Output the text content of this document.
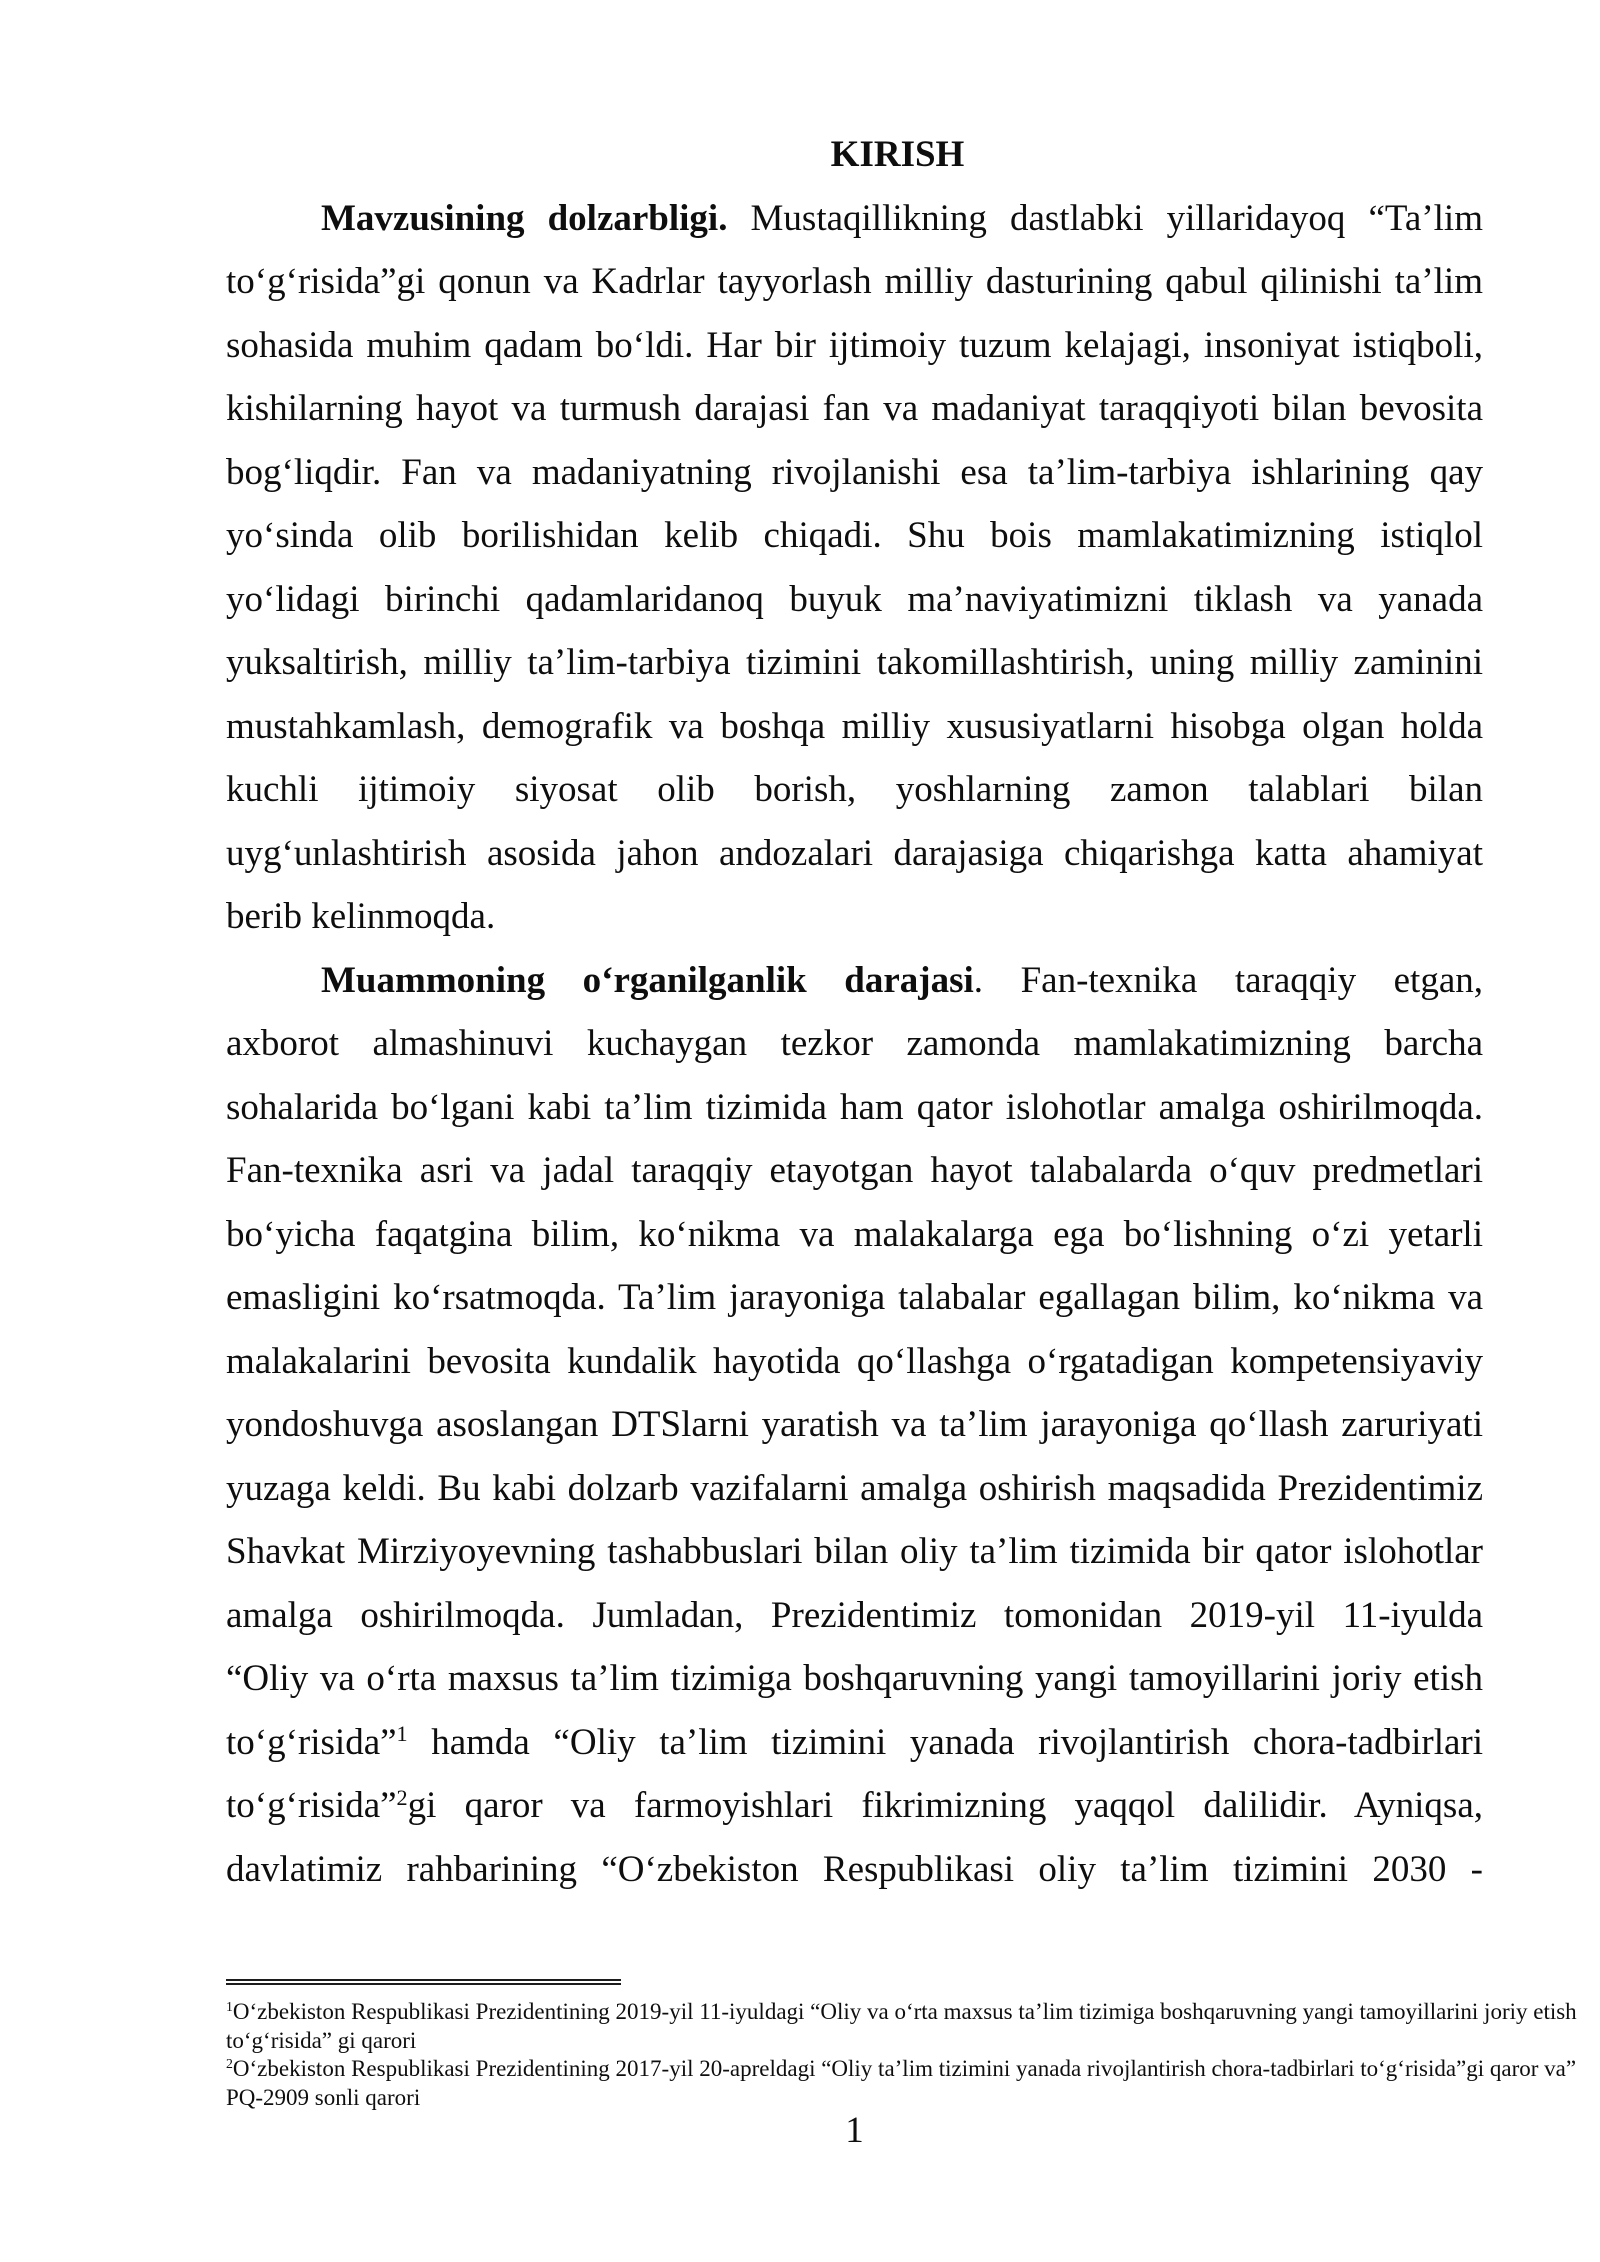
KIRISH
Mavzusining dolzarbligi. Mustaqillikning dastlabki yillaridayoq “Ta’lim
to‘g‘risida”gi qonun va Kadrlar tayyorlash milliy dasturining qabul qilinishi ta’lim
sohasida muhim qadam bo‘ldi. Har bir ijtimoiy tuzum kelajagi, insoniyat istiqboli,
kishilarning hayot va turmush darajasi fan va madaniyat taraqqiyoti bilan bevosita
bog‘liqdir. Fan va madaniyatning rivojlanishi esa ta’lim-tarbiya ishlarining qay
yo‘sinda olib borilishidan kelib chiqadi. Shu bois mamlakatimizning istiqlol
yo‘lidagi birinchi qadamlaridanoq buyuk ma’naviyatimizni tiklash va yanada
yuksaltirish, milliy ta’lim-tarbiya tizimini takomillashtirish, uning milliy zaminini
mustahkamlash, demografik va boshqa milliy xususiyatlarni hisobga olgan holda
kuchli ijtimoiy siyosat olib borish, yoshlarning zamon talablari bilan
uyg‘unlashtirish asosida jahon andozalari darajasiga chiqarishga katta ahamiyat
berib kelinmoqda.
Muammoning o‘rganilganlik darajasi. Fan-texnika taraqqiy etgan,
axborot almashinuvi kuchaygan tezkor zamonda mamlakatimizning barcha
sohalarida bo‘lgani kabi ta’lim tizimida ham qator islohotlar amalga oshirilmoqda.
Fan-texnika asri va jadal taraqqiy etayotgan hayot talabalarda o‘quv predmetlari
bo‘yicha faqatgina bilim, ko‘nikma va malakalarga ega bo‘lishning o‘zi yetarli
emasligini ko‘rsatmoqda. Ta’lim jarayoniga talabalar egallagan bilim, ko‘nikma va
malakalarini bevosita kundalik hayotida qo‘llashga o‘rgatadigan kompetensiyaviy
yondoshuvga asoslangan DTSlarni yaratish va ta’lim jarayoniga qo‘llash zaruriyati
yuzaga keldi. Bu kabi dolzarb vazifalarni amalga oshirish maqsadida Prezidentimiz
Shavkat Mirziyoyevning tashabbuslari bilan oliy ta’lim tizimida bir qator islohotlar
amalga oshirilmoqda. Jumladan, Prezidentimiz tomonidan 2019-yil 11-iyulda
“Oliy va o‘rta maxsus ta’lim tizimiga boshqaruvning yangi tamoyillarini joriy etish
to‘g‘risida”$^1$ hamda “Oliy ta’lim tizimini yanada rivojlantirish chora-tadbirlari
to‘g‘risida”$^2$gi qaror va farmoyishlari fikrimizning yaqqol dalilidir. Ayniqsa,
davlatimiz rahbarining “O‘zbekiston Respublikasi oliy ta’lim tizimini 2030 -
$^1$O‘zbekiston Respublikasi Prezidentining 2019-yil 11-iyuldagi “Oliy va o‘rta maxsus ta’lim tizimiga boshqaruvning yangi tamoyillarini joriy etish
to‘g‘risida” gi qarori
$^2$O‘zbekiston Respublikasi Prezidentining 2017-yil 20-apreldagi “Oliy ta’lim tizimini yanada rivojlantirish chora-tadbirlari to‘g‘risida”gi qaror va”
PQ-2909 sonli qarori
1
